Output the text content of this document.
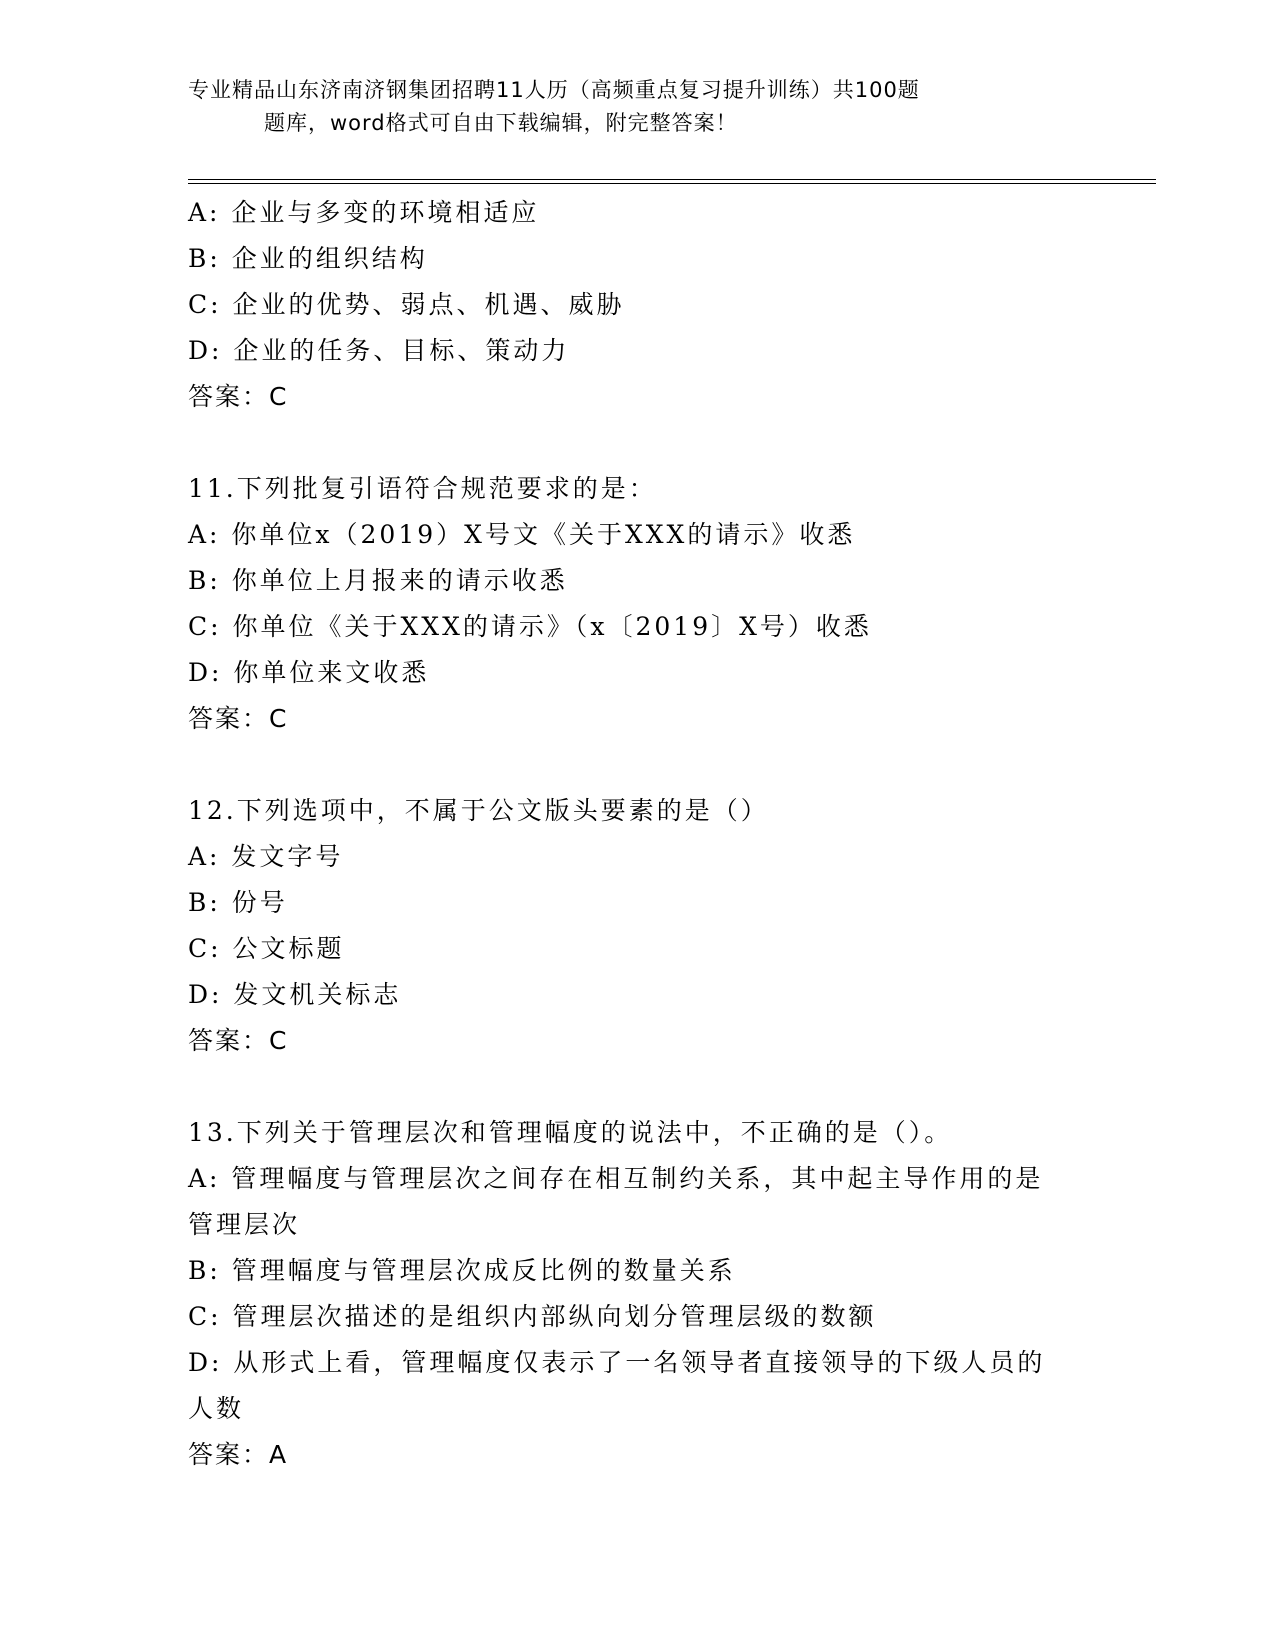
专业精品山东济南济钢集团招聘11人历（高频重点复习提升训练）共100题
题库，word格式可自由下载编辑，附完整答案！
A: 企业与多变的环境相适应
B: 企业的组织结构
C: 企业的优势、弱点、机遇、威胁
D: 企业的任务、目标、策动力
答案：C
11.下列批复引语符合规范要求的是：
A: 你单位x（2019）X号文《关于XXX的请示》收悉
B: 你单位上月报来的请示收悉
C: 你单位《关于XXX的请示》（x〔2019〕X号）收悉
D: 你单位来文收悉
答案：C
12.下列选项中，不属于公文版头要素的是（）
A: 发文字号
B: 份号
C: 公文标题
D: 发文机关标志
答案：C
13.下列关于管理层次和管理幅度的说法中，不正确的是（）。
A: 管理幅度与管理层次之间存在相互制约关系，其中起主导作用的是
管理层次
B: 管理幅度与管理层次成反比例的数量关系
C: 管理层次描述的是组织内部纵向划分管理层级的数额
D: 从形式上看，管理幅度仅表示了一名领导者直接领导的下级人员的
人数
答案：A
